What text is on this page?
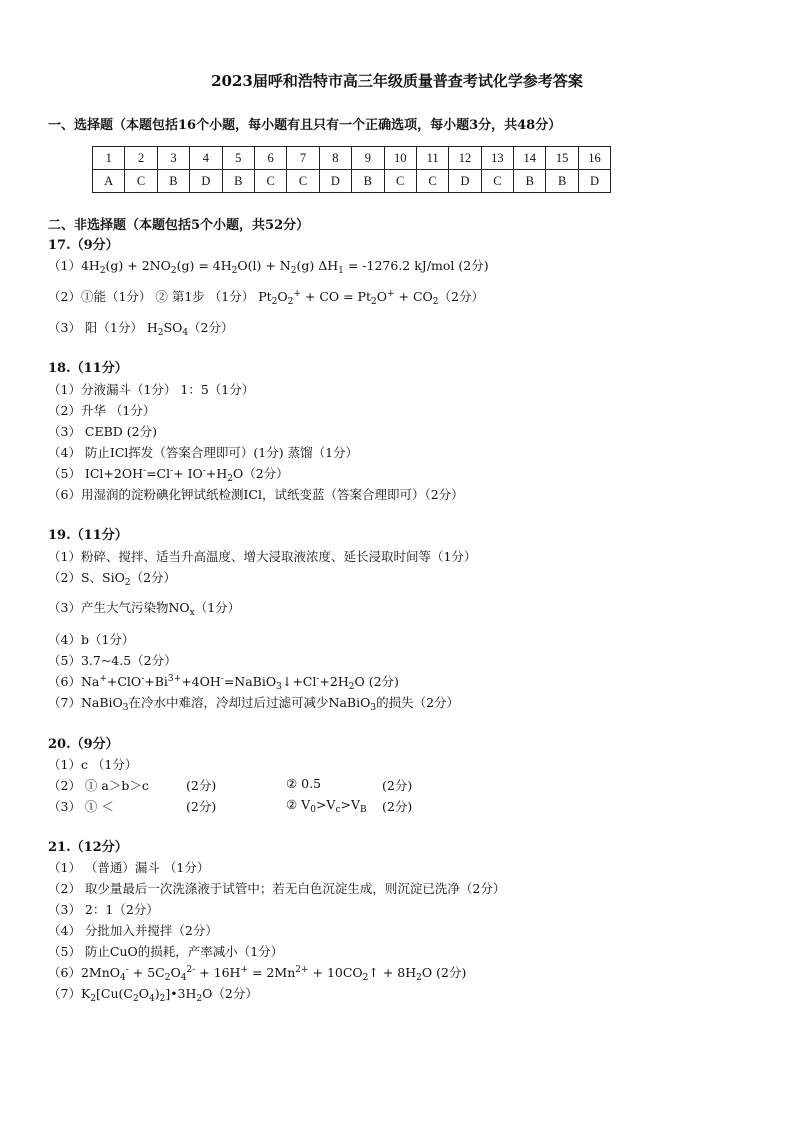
2023届呼和浩特市高三年级质量普查考试化学参考答案
一、选择题（本题包括16个小题，每小题有且只有一个正确选项，每小题3分，共48分）
1	2	3	4	5	6	7	8	9	10	11	12	13	14	15	16
A	C	B	D	B	C	C	D	B	C	C	D	C	B	B	D
二、非选择题（本题包括5个小题，共52分）
17.（9分）
$(1)4H_2(g) + 2NO_2(g) = 4H_2O(l) + N_2(g) \Delta H_1 = -1276.2$ kJ/mol (2分)
（2）①能（1分） ② 第1步 （1分） $Pt_2O_2^+$ + CO = $Pt_2O^+ + CO_2(2$分）
（3） 阳（1分） $H_2SO_4(2$分）
18.（11分）
（1）分液漏斗（1分） 1：5（1分）
（2）升华 （1分）
（3） CEBD (2分)
（4） 防止ICl挥发（答案合理即可）(1分) 蒸馏（1分）
（5） $ICl+2OH^-=Cl^-+ IO^-+H_2O(2$分）
（6）用湿润的淀粉碘化钾试纸检测ICl，试纸变蓝（答案合理即可）（2分）
19.（11分）
（1）粉碎、搅拌、适当升高温度、增大浸取液浓度、延长浸取时间等（1分）
（2）S、SiO$_2$（2分）
（3）产生大气污染物$NO_x(1$分）
（4）b（1分）
（5）3.7~4.5（2分）
$(6)Na^++ClO^-+Bi^{3+}+4OH^-=NaBiO_3↓+Cl^-+2H_2O$ (2分)
（7）NaBiO$_3$在冷水中难溶，冷却过后过滤可减少NaBiO$_3$的损失（2分）
20.（9分）
（1）c （1分）
（2） ① a＞b＞c	(2分)	② 0.5	(2分)
（3） ① ＜	(2分)	② $V_0>V_c>V_B$ (2分)
21.（12分）
（1） （普通）漏斗 （1分）
（2） 取少量最后一次洗涤液于试管中；若无白色沉淀生成，则沉淀已洗净（2分）
（3） 2：1（2分）
（4） 分批加入并搅拌（2分）
（5） 防止CuO的损耗，产率减小（1分）
$(6)2MnO_4^- + 5C_2O_4^{2-} + 16H^+ = 2Mn^{2+}$ + $10CO_2↑ + 8H_2O$ (2分)
$(7)K_2[Cu(C_2O_4)_2]•3H_2O(2$分）
